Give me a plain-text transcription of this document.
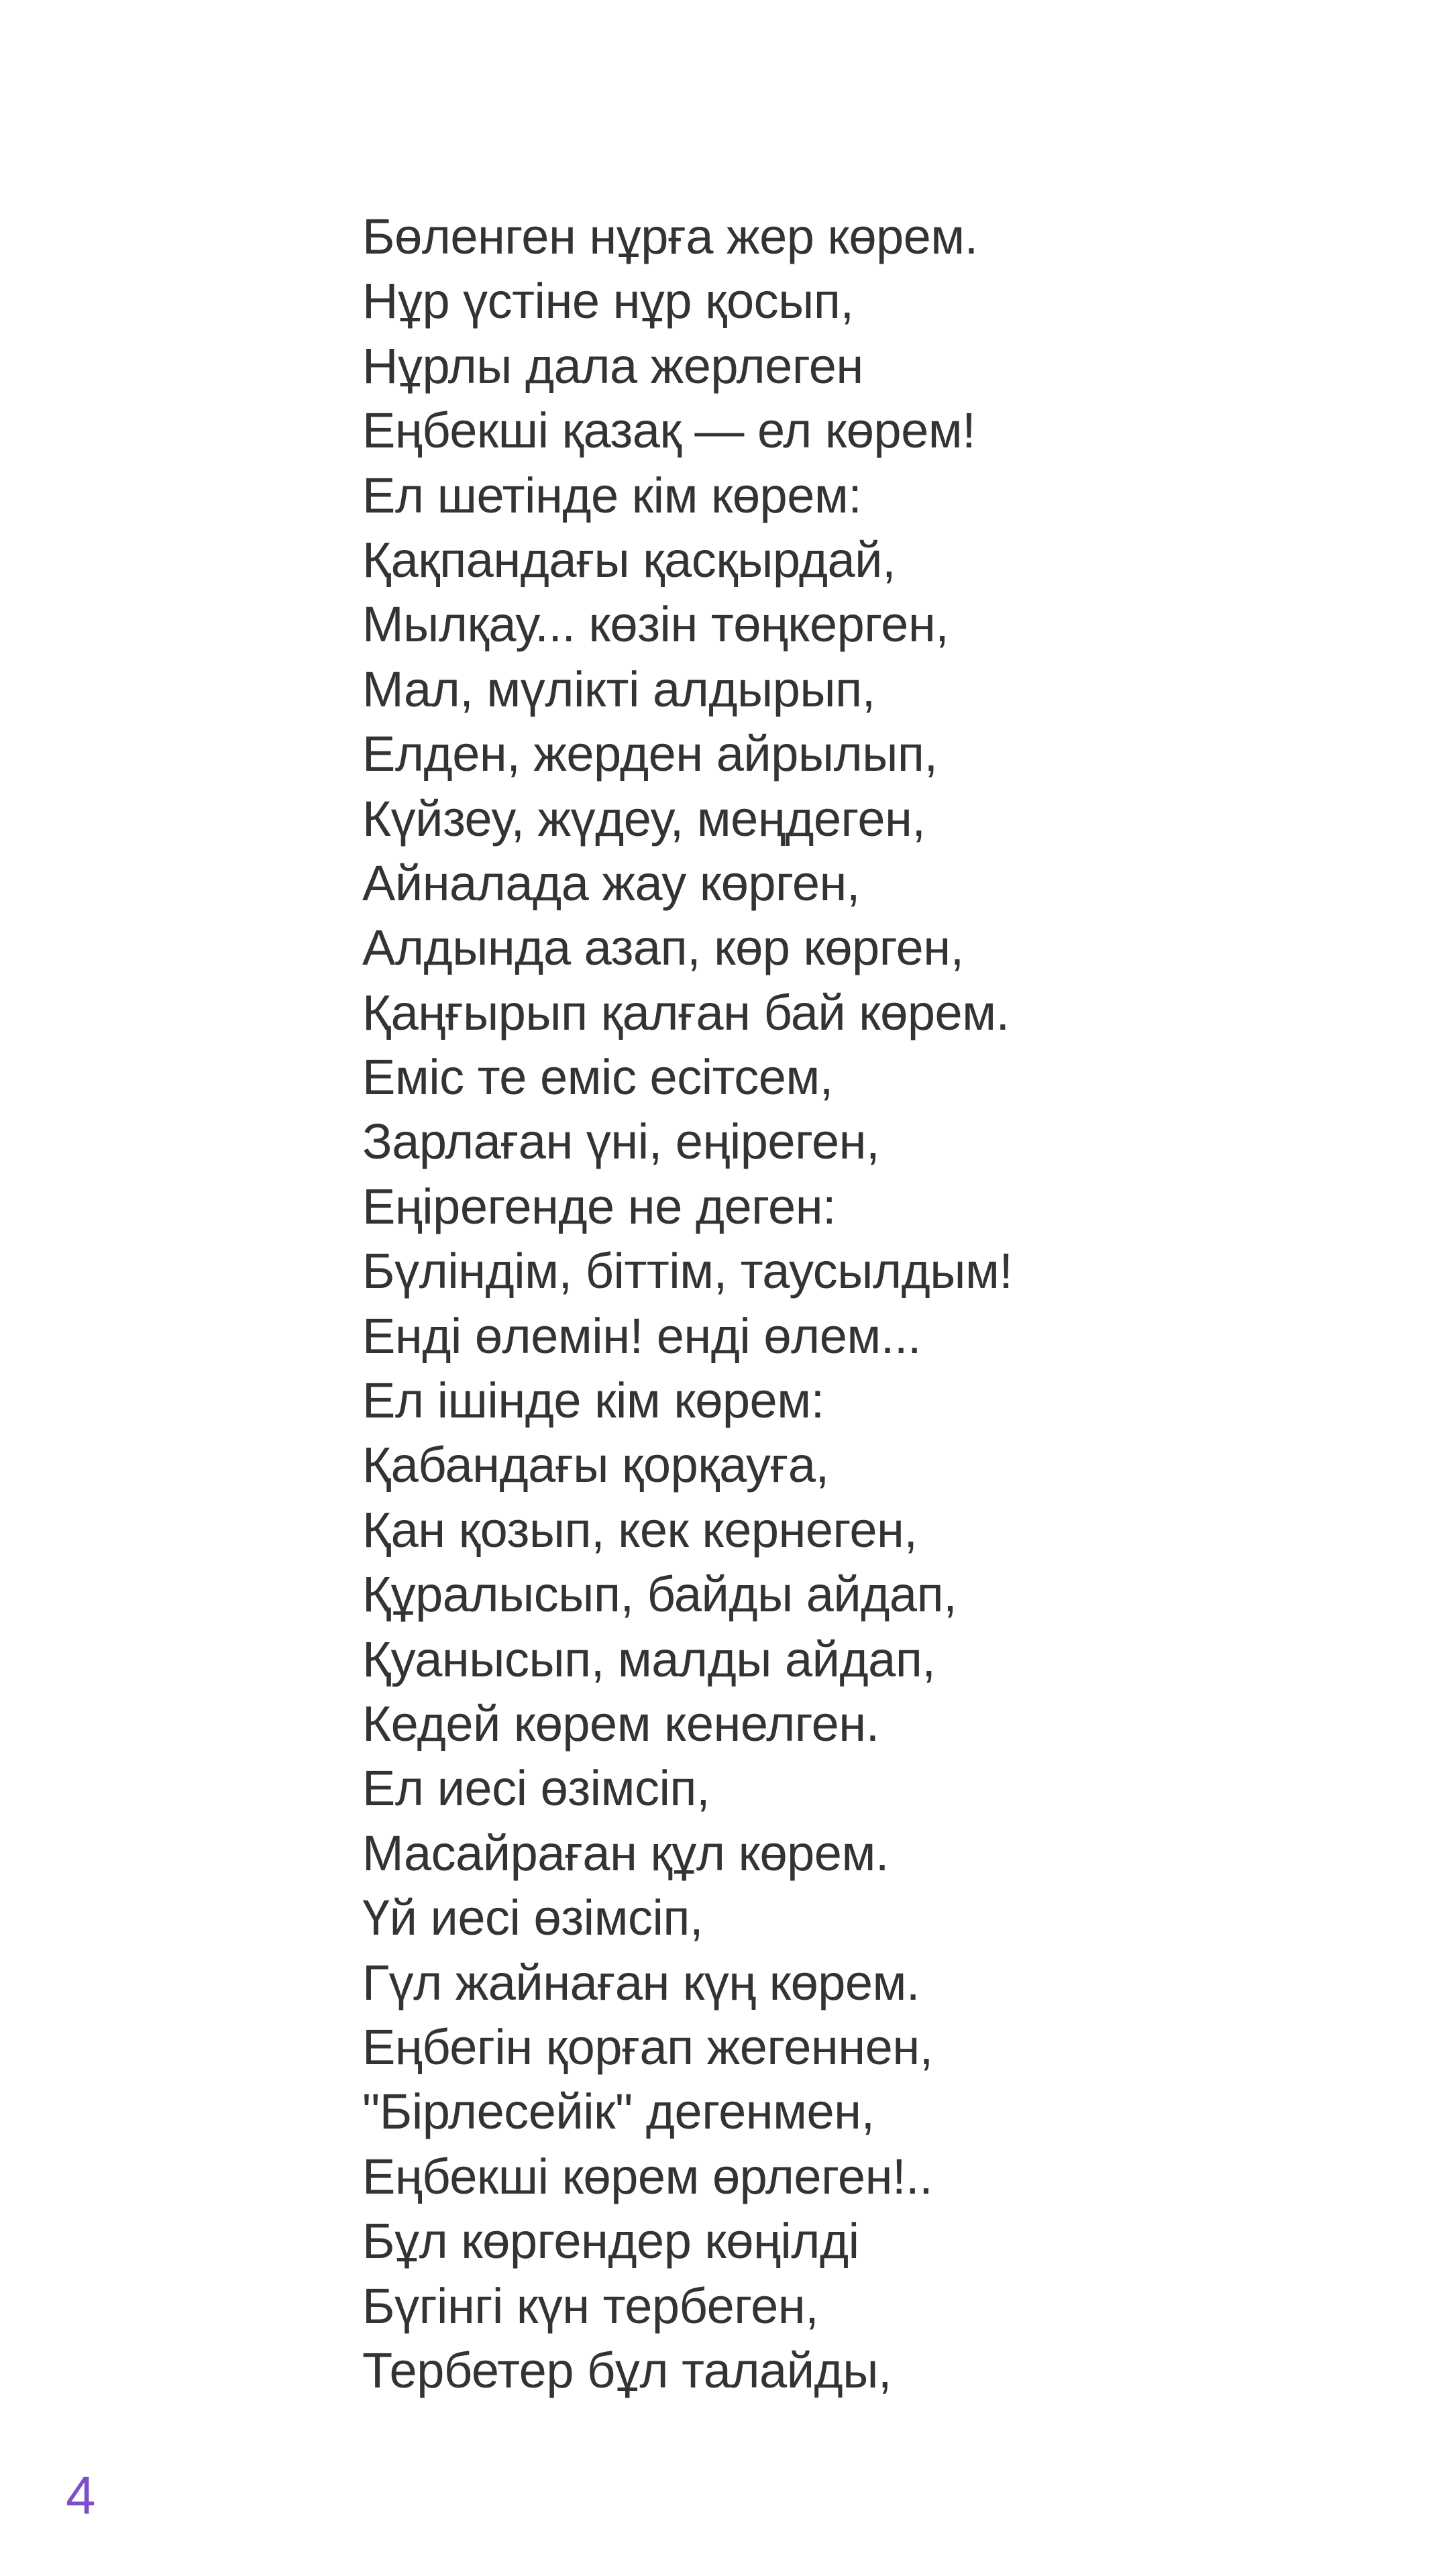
Бөленген нұрға жер көрем.
Нұр үстіне нұр қосып,
Нұрлы дала жерлеген
Еңбекші қазақ — ел көрем!
Ел шетінде кім көрем:
Қақпандағы қасқырдай,
Мылқау... көзін төңкерген,
Мал, мүлікті алдырып,
Елден, жерден айрылып,
Күйзеу, жүдеу, меңдеген,
Айналада жау көрген,
Алдында азап, көр көрген,
Қаңғырып қалған бай көрем.
Еміс те еміс есітсем,
Зарлаған үні, еңіреген,
Еңірегенде не деген:
Бүліндім, біттім, таусылдым!
Енді өлемін! енді өлем...
Ел ішінде кім көрем:
Қабандағы қорқауға,
Қан қозып, кек кернеген,
Құралысып, байды айдап,
Қуанысып, малды айдап,
Кедей көрем кенелген.
Ел иесі өзімсіп,
Масайраған құл көрем.
Үй иесі өзімсіп,
Гүл жайнаған күң көрем.
Еңбегін қорғап жегеннен,
"Бірлесейік" дегенмен,
Еңбекші көрем өрлеген!..
Бұл көргендер көңілді
Бүгінгі күн тербеген,
Тербетер бұл талайды,
4
